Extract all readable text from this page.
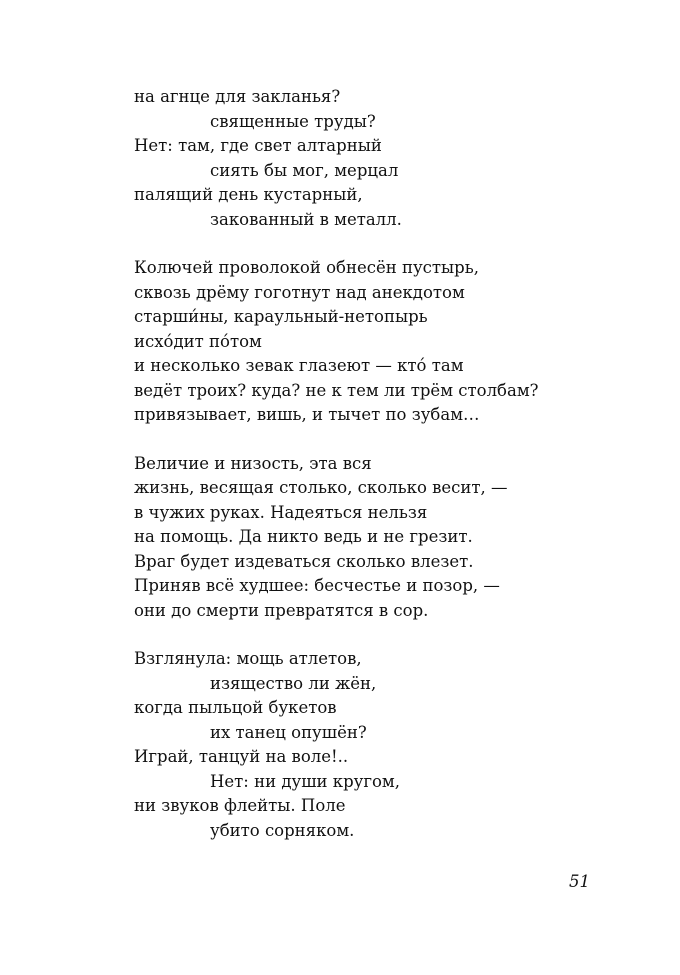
на агнце для закланья?
священные труды?
Нет: там, где свет алтарный
сиять бы мог, мерцал
палящий день кустарный,
закованный в металл.
Колючей проволокой обнесён пустырь,
сквозь дрёму гоготнут над анекдотом
старши́ны, караульный-нетопырь
исхо́дит по́том
и несколько зевак глазеют — кто́ там
ведёт троих? куда? не к тем ли трём столбам?
привязывает, вишь, и тычет по зубам…
Величие и низость, эта вся
жизнь, весящая столько, сколько весит, —
в чужих руках. Надеяться нельзя
на помощь. Да никто ведь и не грезит.
Враг будет издеваться сколько влезет.
Приняв всё худшее: бесчестье и позор, —
они до смерти превратятся в сор.
Взглянула: мощь атлетов,
изящество ли жён,
когда пыльцой букетов
их танец опушён?
Играй, танцуй на воле!..
Нет: ни души кругом,
ни звуков флейты. Поле
убито сорняком.
51
